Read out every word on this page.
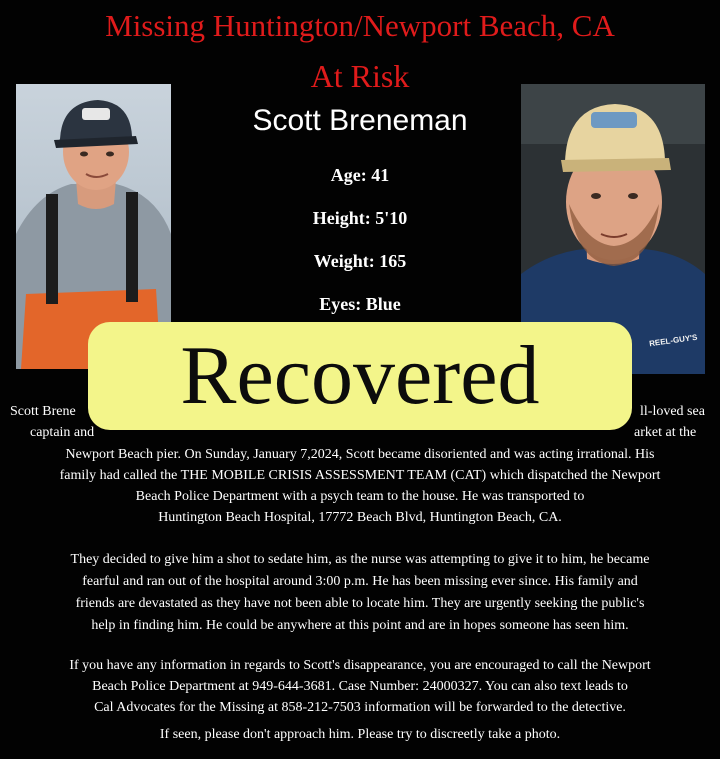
Missing Huntington/Newport Beach, CA
At Risk
REEL-GUY'S
Scott Breneman
Age: 41
Height: 5'10
Weight: 165
Eyes: Blue
Recovered
Scott Brene	ll-loved sea
captain and	arket at the
Newport Beach pier. On Sunday, January 7,2024, Scott became disoriented and was acting irrational. His
family had called the THE MOBILE CRISIS ASSESSMENT TEAM (CAT) which dispatched the Newport
Beach Police Department with a psych team to the house. He was transported to
Huntington Beach Hospital, 17772 Beach Blvd, Huntington Beach, CA.
They decided to give him a shot to sedate him, as the nurse was attempting to give it to him, he became
fearful and ran out of the hospital around 3:00 p.m. He has been missing ever since. His family and
friends are devastated as they have not been able to locate him. They are urgently seeking the public's
help in finding him. He could be anywhere at this point and are in hopes someone has seen him.
If you have any information in regards to Scott's disappearance, you are encouraged to call the Newport
Beach Police Department at 949-644-3681. Case Number: 24000327. You can also text leads to
Cal Advocates for the Missing at 858-212-7503 information will be forwarded to the detective.
If seen, please don't approach him. Please try to discreetly take a photo.
